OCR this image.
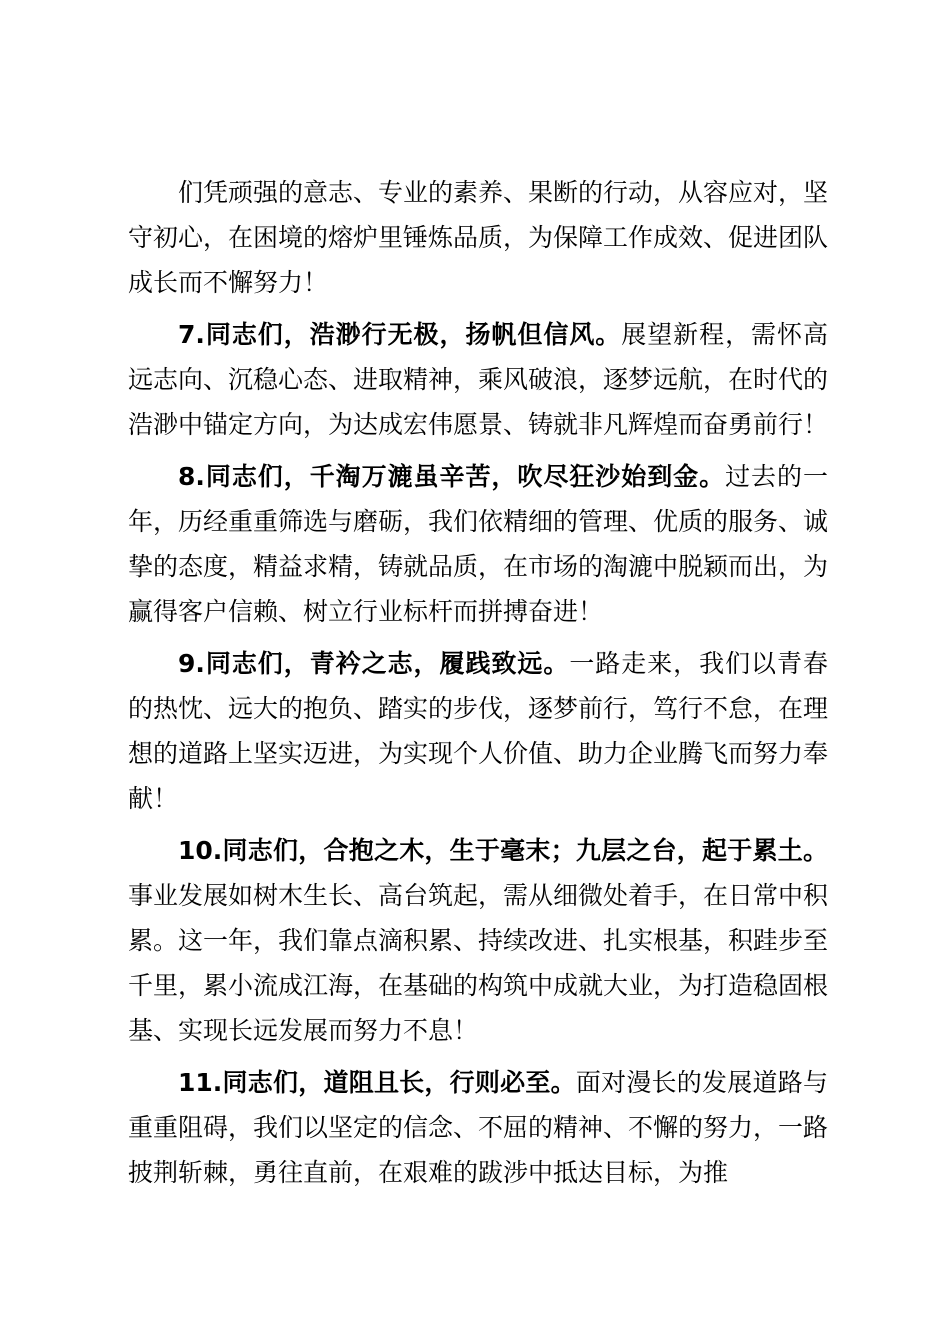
们凭顽强的意志、专业的素养、果断的行动，从容应对，坚守初心，在困境的熔炉里锤炼品质，为保障工作成效、促进团队成长而不懈努力！

7.同志们，浩渺行无极，扬帆但信风。展望新程，需怀高远志向、沉稳心态、进取精神，乘风破浪，逐梦远航，在时代的浩渺中锚定方向，为达成宏伟愿景、铸就非凡辉煌而奋勇前行！

8.同志们，千淘万漉虽辛苦，吹尽狂沙始到金。过去的一年，历经重重筛选与磨砺，我们依精细的管理、优质的服务、诚挚的态度，精益求精，铸就品质，在市场的淘漉中脱颖而出，为赢得客户信赖、树立行业标杆而拼搏奋进！

9.同志们，青衿之志，履践致远。一路走来，我们以青春的热忱、远大的抱负、踏实的步伐，逐梦前行，笃行不怠，在理想的道路上坚实迈进，为实现个人价值、助力企业腾飞而努力奉献！

10.同志们，合抱之木，生于毫末；九层之台，起于累土。事业发展如树木生长、高台筑起，需从细微处着手，在日常中积累。这一年，我们靠点滴积累、持续改进、扎实根基，积跬步至千里，累小流成江海，在基础的构筑中成就大业，为打造稳固根基、实现长远发展而努力不息！

11.同志们，道阻且长，行则必至。面对漫长的发展道路与重重阻碍，我们以坚定的信念、不屈的精神、不懈的努力，一路披荆斩棘，勇往直前，在艰难的跋涉中抵达目标，为推
